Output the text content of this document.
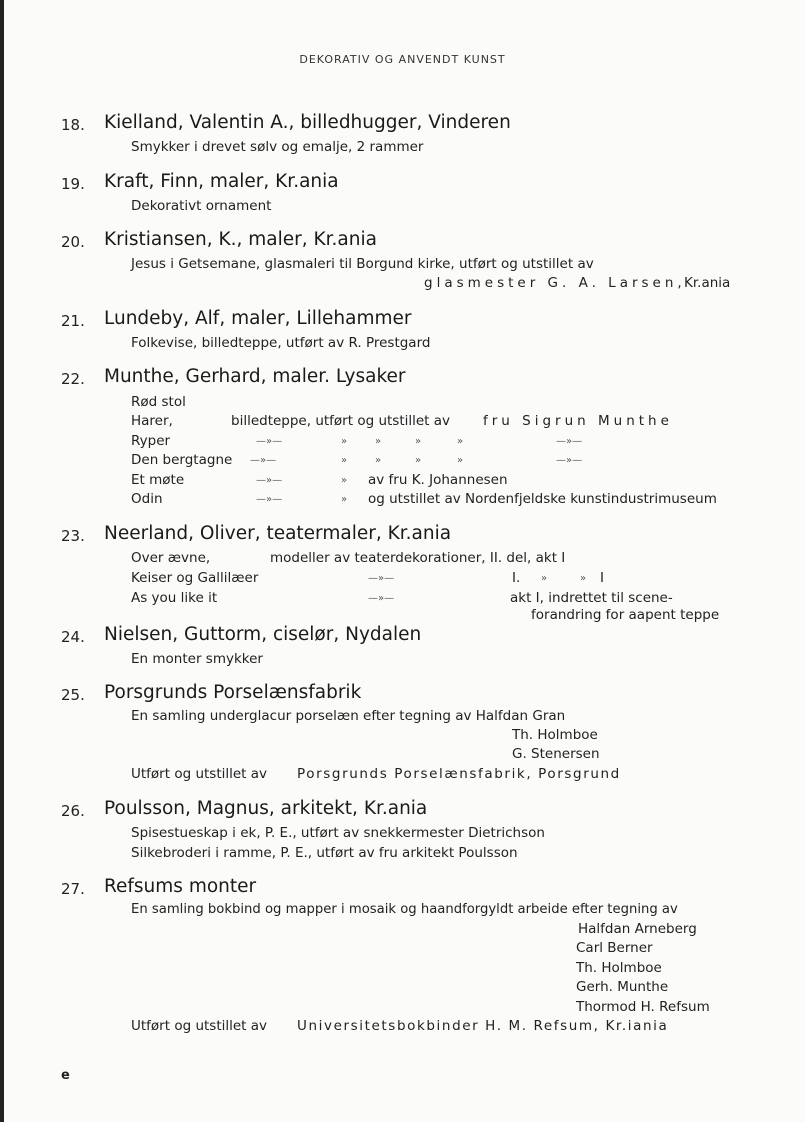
DEKORATIV OG ANVENDT KUNST
18. Kielland, Valentin A., billedhugger, Vinderen
Smykker i drevet sølv og emalje, 2 rammer
19. Kraft, Finn, maler, Kr.ania
Dekorativt ornament
20. Kristiansen, K., maler, Kr.ania
Jesus i Getsemane, glasmaleri til Borgund kirke, utført og utstillet av
glasmester G. A. Larsen,
Kr.ania
21. Lundeby, Alf, maler, Lillehammer
Folkevise, billedteppe, utført av R. Prestgard
22. Munthe, Gerhard, maler. Lysaker
Rød stol
Harer,	billedteppe, utført og utstillet av fru Sigrun Munthe
Ryper	—»—	»	»	»	»	—»—
Den bergtagne —»—	»	»	»	»	—»—
Et møte	—»—	» av fru K. Johannesen
Odin	—»—	» og utstillet av Nordenfjeldske kunstindustrimuseum
23. Neerland, Oliver, teatermaler, Kr.ania
Over ævne,	modeller av teaterdekorationer, II. del, akt I
Keiser og Gallilæer	—»—	I. »	» I
As you like it	—»—	akt I, indrettet til scene-
forandring for aapent teppe
24. Nielsen, Guttorm, ciselør, Nydalen
En monter smykker
25. Porsgrunds Porselænsfabrik
En samling underglacur porselæn efter tegning av Halfdan Gran
Th. Holmboe
G. Stenersen
Utført og utstillet av Porsgrunds Porselænsfabrik, Porsgrund
26. Poulsson, Magnus, arkitekt, Kr.ania
Spisestueskap i ek, P. E., utført av snekkermester Dietrichson
Silkebroderi i ramme, P. E., utført av fru arkitekt Poulsson
27. Refsums monter
En samling bokbind og mapper i mosaik og haandforgyldt arbeide efter tegning av
Halfdan Arneberg
Carl Berner
Th. Holmboe
Gerh. Munthe
Thormod H. Refsum
Utført og utstillet av Universitetsbokbinder H. M. Refsum, Kr.iania
e
